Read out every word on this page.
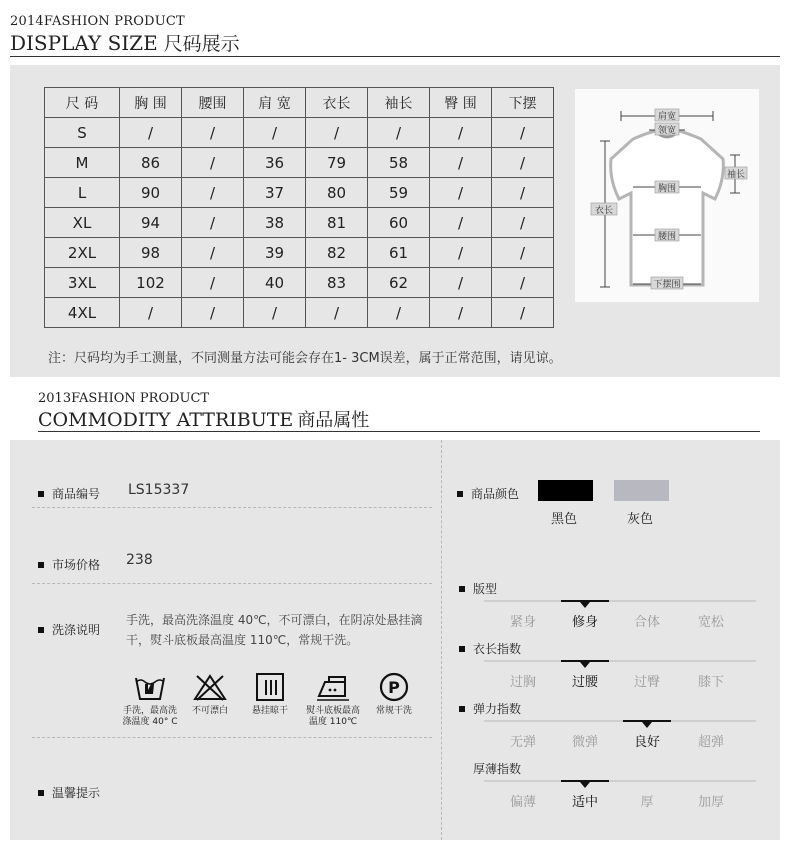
2014FASHION PRODUCT
DISPLAY SIZE 尺码展示
尺 码	胸 围	腰围	肩 宽	衣长	袖长	臀 围	下摆
S	/	/	/	/	/	/	/
M	86	/	36	79	58	/	/
L	90	/	37	80	59	/	/
XL	94	/	38	81	60	/	/
2XL	98	/	39	82	61	/	/
3XL	102	/	40	83	62	/	/
4XL	/	/	/	/	/	/	/
肩宽
领宽
袖长
胸围
衣长
腰围
下摆围
注：尺码均为手工测量，不同测量方法可能会存在1- 3CM误差，属于正常范围，请见谅。
2013FASHION PRODUCT
COMMODITY ATTRIBUTE 商品属性
商品编号 LS15337
市场价格 238
洗涤说明
手洗，最高洗涤温度 40℃，不可漂白，在阴凉处悬挂滴干，熨斗底板最高温度 110℃，常规干洗。
手洗，最高洗涤温度 40° C
不可漂白	悬挂晾干	熨斗底板最高温度 110℃
P
常规干洗
温馨提示
商品颜色
黑色	灰色
版型
紧身	修身	合体	宽松
衣长指数
过胸	过腰	过臀	膝下
弹力指数
无弹	微弹	良好	超弹
厚薄指数
偏薄	适中	厚	加厚
